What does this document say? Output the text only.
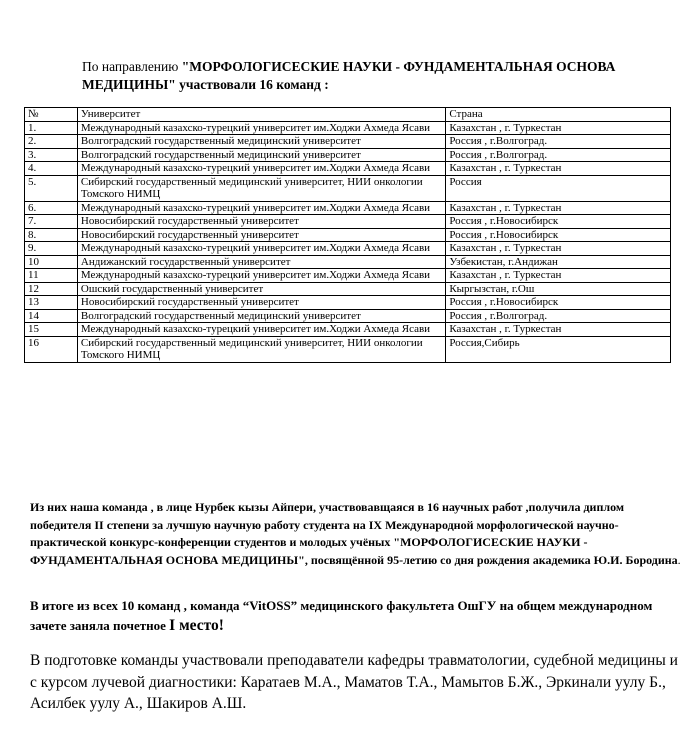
По направлению "МОРФОЛОГИСЕСКИЕ НАУКИ - ФУНДАМЕНТАЛЬНАЯ ОСНОВА МЕДИЦИНЫ" участвовали 16 команд :
№	Университет	Страна
1.	Международный казахско-турецкий университет им.Ходжи Ахмеда Ясави	Казахстан , г. Туркестан
2.	Волгоградский государственный медицинский университет	Россия , г.Волгоград.
3.	Волгоградский государственный медицинский университет	Россия , г.Волгоград.
4.	Международный казахско-турецкий университет им.Ходжи Ахмеда Ясави	Казахстан , г. Туркестан
5.	Сибирский государственный медицинский университет, НИИ онкологии Томского НИМЦ	Россия
6.	Международный казахско-турецкий университет им.Ходжи Ахмеда Ясави	Казахстан , г. Туркестан
7.	Новосибирский государственный университет	Россия , г.Новосибирск
8.	Новосибирский государственный университет	Россия , г.Новосибирск
9.	Международный казахско-турецкий университет им.Ходжи Ахмеда Ясави	Казахстан , г. Туркестан
10	Андижанский государственный университет	Узбекистан, г.Андижан
11	Международный казахско-турецкий университет им.Ходжи Ахмеда Ясави	Казахстан , г. Туркестан
12	Ошский государственный университет	Кыргызстан, г.Ош
13	Новосибирский государственный университет	Россия , г.Новосибирск
14	Волгоградский государственный медицинский университет	Россия , г.Волгоград.
15	Международный казахско-турецкий университет им.Ходжи Ахмеда Ясави	Казахстан , г. Туркестан
16	Сибирский государственный медицинский университет, НИИ онкологии Томского НИМЦ	Россия,Сибирь
Из них наша команда , в лице Нурбек кызы Айпери, участвовавщаяся в 16 научных работ ,получила диплом победителя II степени за лучшую научную работу студента на IX Международной морфологической научно-практической конкурс-конференции студентов и молодых учёных "МОРФОЛОГИСЕСКИЕ НАУКИ - ФУНДАМЕНТАЛЬНАЯ ОСНОВА МЕДИЦИНЫ", посвящённой 95-летию со дня рождения академика Ю.И. Бородина.
В итоге из всех 10 команд , команда “VitOSS” медицинского факультета ОшГУ на общем международном зачете заняла почетное I место!
В подготовке команды участвовали преподаватели кафедры травматологии, судебной медицины и с курсом лучевой диагностики: Каратаев М.А., Маматов Т.А., Мамытов Б.Ж., Эркинали уулу Б., Асилбек уулу А., Шакиров А.Ш.
